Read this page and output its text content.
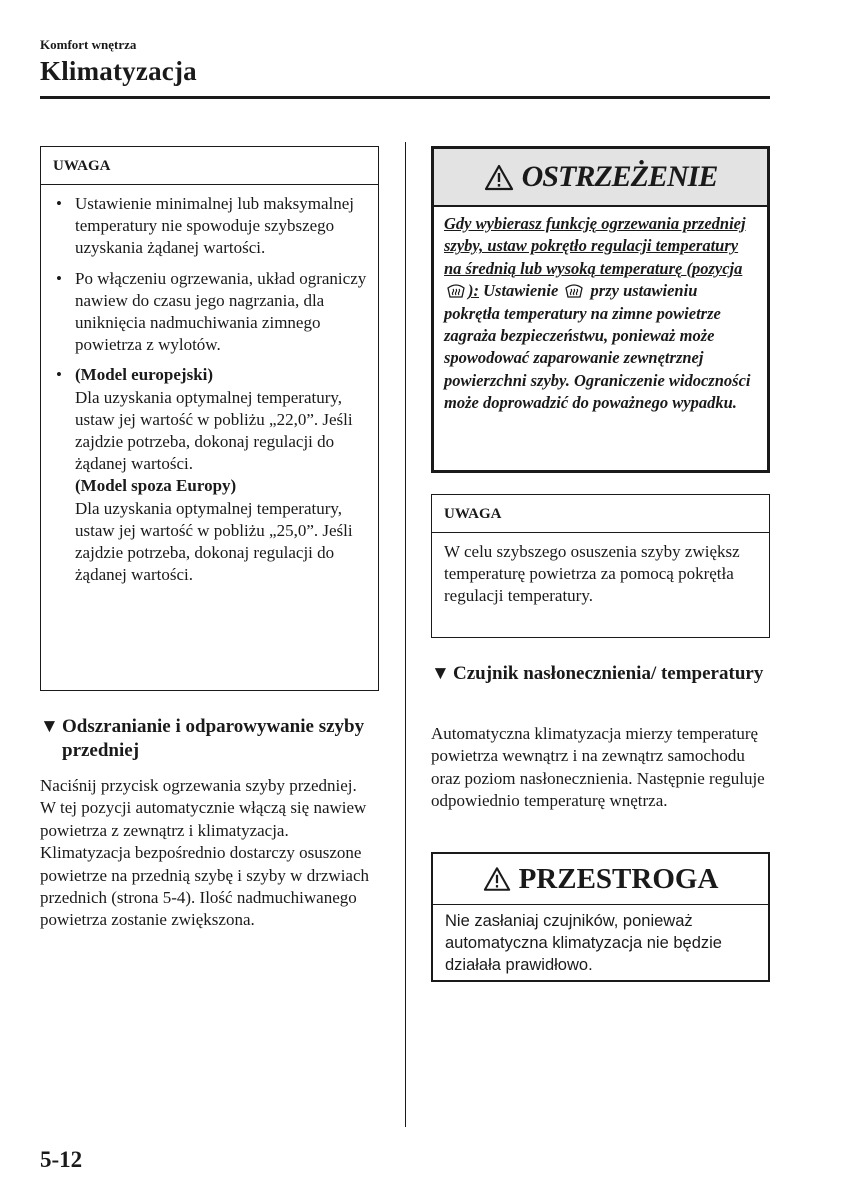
Komfort wnętrza
Klimatyzacja
UWAGA
• Ustawienie minimalnej lub maksymalnej temperatury nie spowoduje szybszego uzyskania żądanej wartości.
• Po włączeniu ogrzewania, układ ograniczy nawiew do czasu jego nagrzania, dla uniknięcia nadmuchiwania zimnego powietrza z wylotów.
• (Model europejski)
Dla uzyskania optymalnej temperatury, ustaw jej wartość w pobliżu „22,0”. Jeśli zajdzie potrzeba, dokonaj regulacji do żądanej wartości.
(Model spoza Europy)
Dla uzyskania optymalnej temperatury, ustaw jej wartość w pobliżu „25,0”. Jeśli zajdzie potrzeba, dokonaj regulacji do żądanej wartości.
▼ Odszranianie i odparowywanie szyby przedniej

Naciśnij przycisk ogrzewania szyby przedniej.

W tej pozycji automatycznie włączą się nawiew powietrza z zewnątrz i klimatyzacja. Klimatyzacja bezpośrednio dostarczy osuszone powietrze na przednią szybę i szyby w drzwiach przednich (strona 5-4). Ilość nadmuchiwanego powietrza zostanie zwiększona.

OSTRZEŻENIE
Gdy wybierasz funkcję ogrzewania przedniej szyby, ustaw pokrętło regulacji temperatury na średnią lub wysoką temperaturę (pozycja ): Ustawienie przy ustawieniu pokrętła temperatury na zimne powietrze zagraża bezpieczeństwu, ponieważ może spowodować zaparowanie zewnętrznej powierzchni szyby. Ograniczenie widoczności może doprowadzić do poważnego wypadku.
UWAGA
W celu szybszego osuszenia szyby zwiększ temperaturę powietrza za pomocą pokrętła regulacji temperatury.
▼ Czujnik nasłonecznienia/ temperatury

Automatyczna klimatyzacja mierzy temperaturę powietrza wewnątrz i na zewnątrz samochodu oraz poziom nasłonecznienia. Następnie reguluje odpowiednio temperaturę wnętrza.

PRZESTROGA
Nie zasłaniaj czujników, ponieważ automatyczna klimatyzacja nie będzie działała prawidłowo.
5-12
